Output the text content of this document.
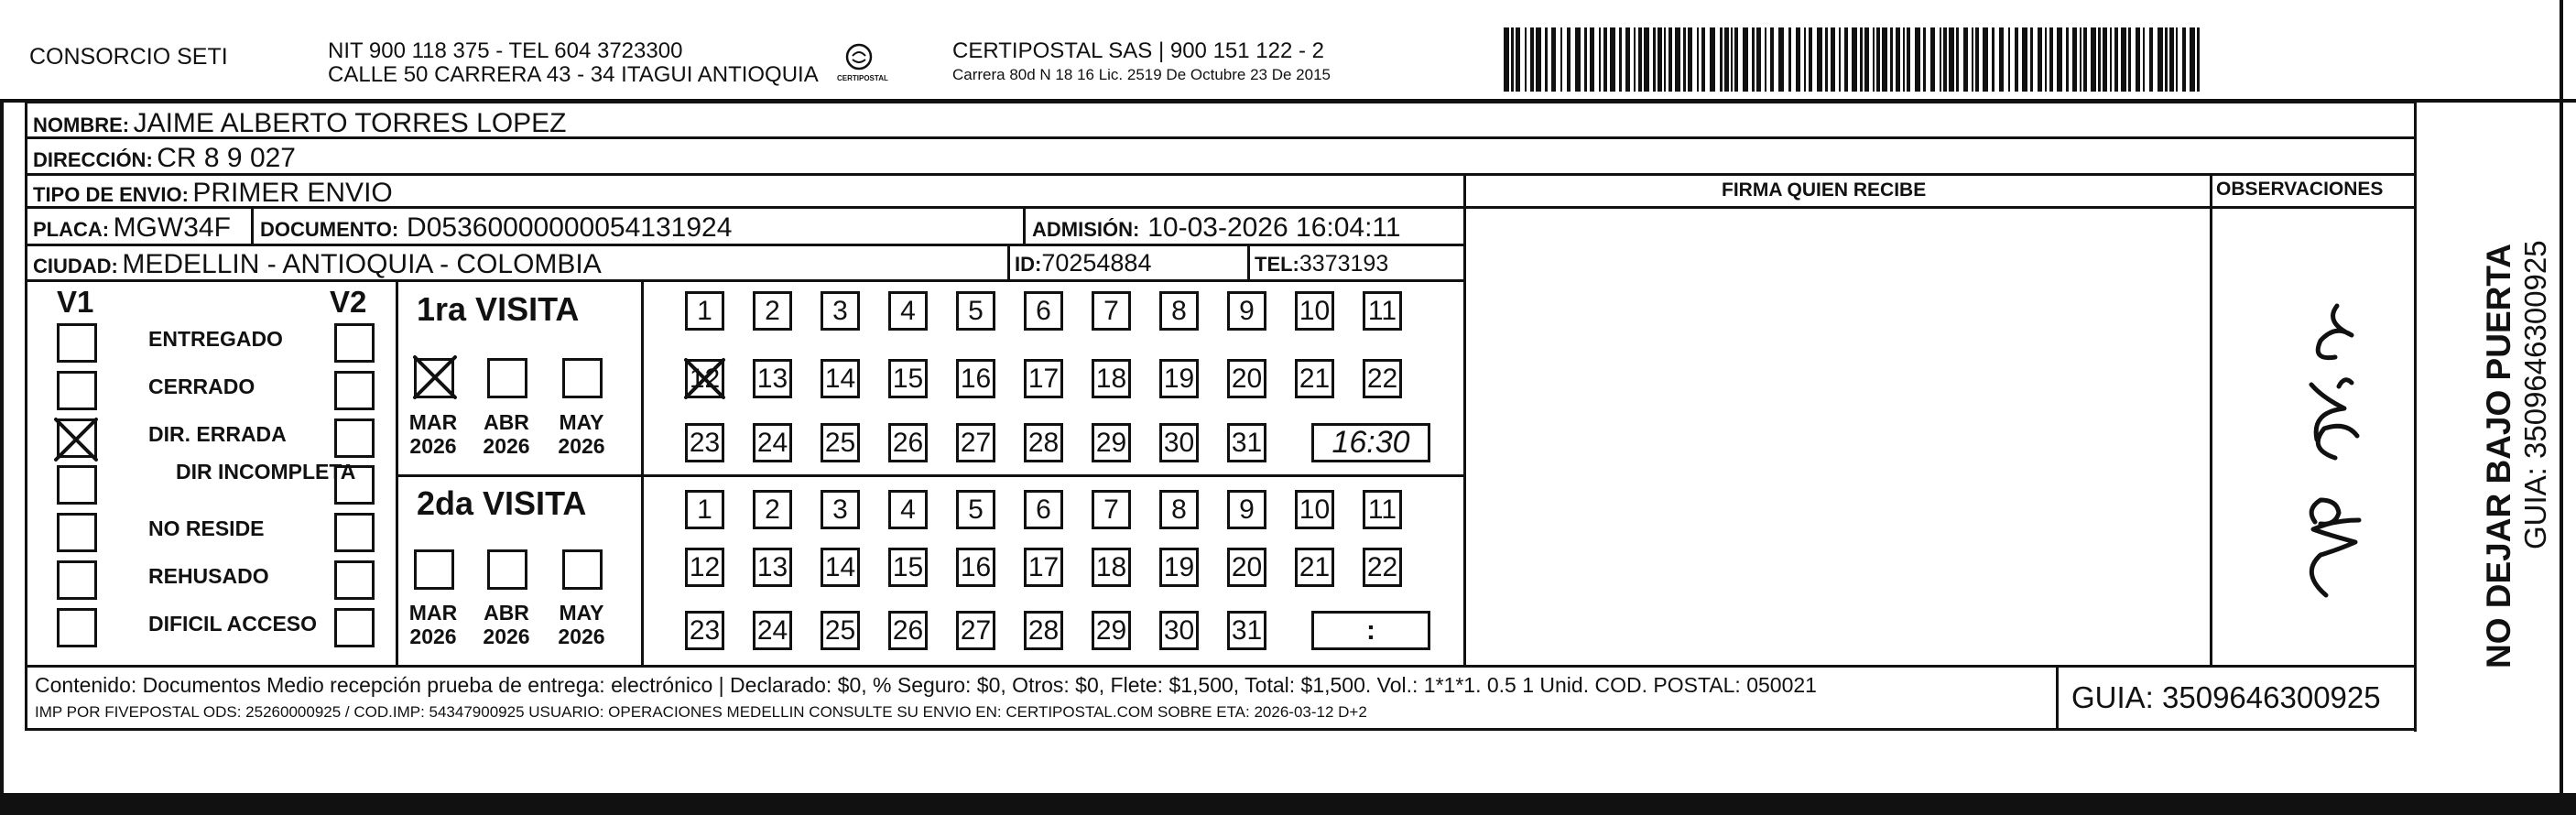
CONSORCIO SETI	NIT 900 118 375 - TEL 604 3723300
CALLE 50 CARRERA 43 - 34 ITAGUI ANTIOQUIA	CERTIPOSTAL
CERTIPOSTAL SAS | 900 151 122 - 2
Carrera 80d N 18 16 Lic. 2519 De Octubre 23 De 2015
NOMBRE: JAIME ALBERTO TORRES LOPEZ
DIRECCIÓN: CR 8 9 027
TIPO DE ENVIO: PRIMER ENVIO
PLACA: MGW34F DOCUMENTO: D05360000000054131924	ADMISIÓN: 10-03-2026 16:04:11
CIUDAD: MEDELLIN - ANTIOQUIA - COLOMBIA	ID:70254884	TEL:3373193
FIRMA QUIEN RECIBE	OBSERVACIONES
V1	V2
ENTREGADO
CERRADO
DIR. ERRADA
DIR INCOMPLETA
NO RESIDE
REHUSADO
DIFICIL ACCESO
1ra VISITA
MAR
2026
ABR
2026
MAY
2026
1 2 3 4 5 6 7 8 9 10 11
12 13 14 15 16 17 18 19 20 21 22
23 24 25 26 27 28 29 30 31 16:30
2da VISITA
MAR
2026
ABR
2026
MAY
2026
1 2 3 4 5 6 7 8 9 10 11
12 13 14 15 16 17 18 19 20 21 22
23 24 25 26 27 28 29 30 31	:	NO DEJAR BAJO PUERTA GUIA: 3509646300925
Contenido: Documentos Medio recepción prueba de entrega: electrónico | Declarado: $0, % Seguro: $0, Otros: $0, Flete: $1,500, Total: $1,500. Vol.: 1*1*1. 0.5 1 Unid. COD. POSTAL: 050021
IMP POR FIVEPOSTAL ODS: 25260000925 / COD.IMP: 54347900925 USUARIO: OPERACIONES MEDELLIN CONSULTE SU ENVIO EN: CERTIPOSTAL.COM SOBRE ETA: 2026-03-12 D+2	GUIA: 3509646300925
